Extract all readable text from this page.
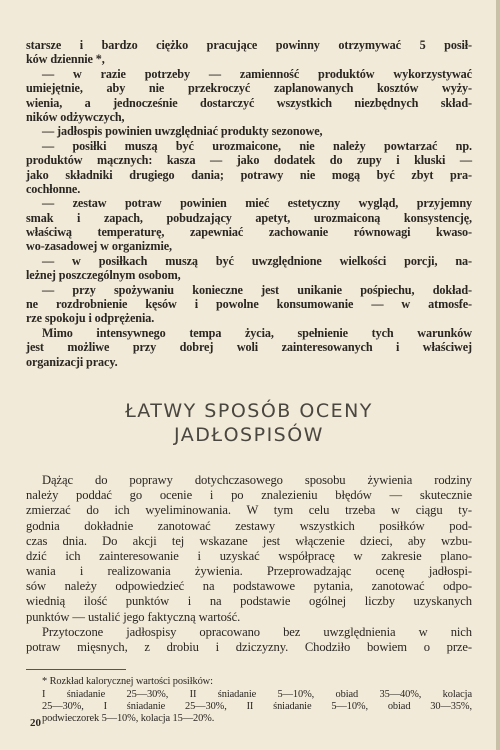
starsze i bardzo ciężko pracujące powinny otrzymywać 5 posił-
ków dziennie *,
— w razie potrzeby — zamienność produktów wykorzystywać
umiejętnie, aby nie przekroczyć zaplanowanych kosztów wyży-
wienia, a jednocześnie dostarczyć wszystkich niezbędnych skład-
ników odżywczych,
— jadłospis powinien uwzględniać produkty sezonowe,
— posiłki muszą być urozmaicone, nie należy powtarzać np.
produktów mącznych: kasza — jako dodatek do zupy i kluski —
jako składniki drugiego dania; potrawy nie mogą być zbyt pra-
cochłonne.
— zestaw potraw powinien mieć estetyczny wygląd, przyjemny
smak i zapach, pobudzający apetyt, urozmaiconą konsystencję,
właściwą temperaturę, zapewniać zachowanie równowagi kwaso-
wo-zasadowej w organizmie,
— w posiłkach muszą być uwzględnione wielkości porcji, na-
leżnej poszczególnym osobom,
— przy spożywaniu konieczne jest unikanie pośpiechu, dokład-
ne rozdrobnienie kęsów i powolne konsumowanie — w atmosfe-
rze spokoju i odprężenia.
Mimo intensywnego tempa życia, spełnienie tych warunków
jest możliwe przy dobrej woli zainteresowanych i właściwej
organizacji pracy.
ŁATWY SPOSÓB OCENY
JADŁOSPISÓW
Dążąc do poprawy dotychczasowego sposobu żywienia rodziny
należy poddać go ocenie i po znalezieniu błędów — skutecznie
zmierzać do ich wyeliminowania. W tym celu trzeba w ciągu ty-
godnia dokładnie zanotować zestawy wszystkich posiłków pod-
czas dnia. Do akcji tej wskazane jest włączenie dzieci, aby wzbu-
dzić ich zainteresowanie i uzyskać współpracę w zakresie plano-
wania i realizowania żywienia. Przeprowadzając ocenę jadłospi-
sów należy odpowiedzieć na podstawowe pytania, zanotować odpo-
wiednią ilość punktów i na podstawie ogólnej liczby uzyskanych
punktów — ustalić jego faktyczną wartość.
Przytoczone jadłospisy opracowano bez uwzględnienia w nich
potraw mięsnych, z drobiu i dziczyzny. Chodziło bowiem o prze-
* Rozkład kalorycznej wartości posiłków:
I śniadanie 25—30%, II śniadanie 5—10%, obiad 35—40%, kolacja
25—30%, I śniadanie 25—30%, II śniadanie 5—10%, obiad 30—35%,
podwieczorek 5—10%, kolacja 15—20%.
20
